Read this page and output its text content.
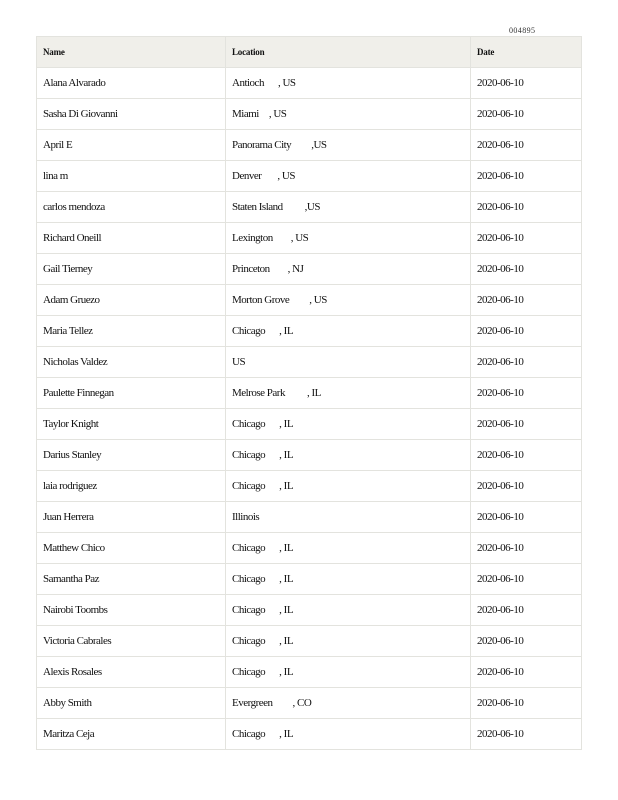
004895
Name	Location	Date
Alana Alvarado	Antioch , US	2020-06-10
Sasha Di Giovanni	Miami , US	2020-06-10
April E	Panorama City ,US	2020-06-10
lina m	Denver , US	2020-06-10
carlos mendoza	Staten Island ,US	2020-06-10
Richard Oneill	Lexington , US	2020-06-10
Gail Tierney	Princeton , NJ	2020-06-10
Adam Gruezo	Morton Grove , US	2020-06-10
Maria Tellez	Chicago , IL	2020-06-10
Nicholas Valdez	US	2020-06-10
Paulette Finnegan	Melrose Park , IL	2020-06-10
Taylor Knight	Chicago , IL	2020-06-10
Darius Stanley	Chicago , IL	2020-06-10
laia rodriguez	Chicago , IL	2020-06-10
Juan Herrera	Illinois	2020-06-10
Matthew Chico	Chicago , IL	2020-06-10
Samantha Paz	Chicago , IL	2020-06-10
Nairobi Toombs	Chicago , IL	2020-06-10
Victoria Cabrales	Chicago , IL	2020-06-10
Alexis Rosales	Chicago , IL	2020-06-10
Abby Smith	Evergreen , CO	2020-06-10
Maritza Ceja	Chicago , IL	2020-06-10
